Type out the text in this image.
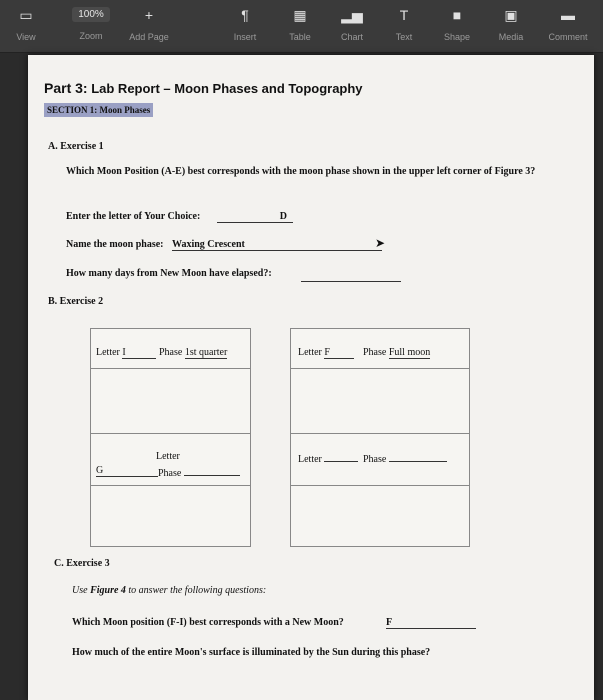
▭
View
100%
Zoom
+
Add Page
¶
Insert
▦
Table
▂▅
Chart
T
Text
■
Shape
▣
Media
▬
Comment
Part 3: Lab Report – Moon Phases and Topography
SECTION 1: Moon Phases
A. Exercise 1
Which Moon Position (A-E) best corresponds with the moon phase shown in the upper left corner of Figure 3?
Enter the letter of Your Choice:	D
Name the moon phase: Waxing Crescent	➤
How many days from New Moon have elapsed?:
B. Exercise 2
Letter I	Phase 1st quarter
Letter
G	Phase
Letter F	Phase Full moon
Letter	Phase
C. Exercise 3
Use Figure 4 to answer the following questions:
Which Moon position (F-I) best corresponds with a New Moon?	F
How much of the entire Moon's surface is illuminated by the Sun during this phase?
